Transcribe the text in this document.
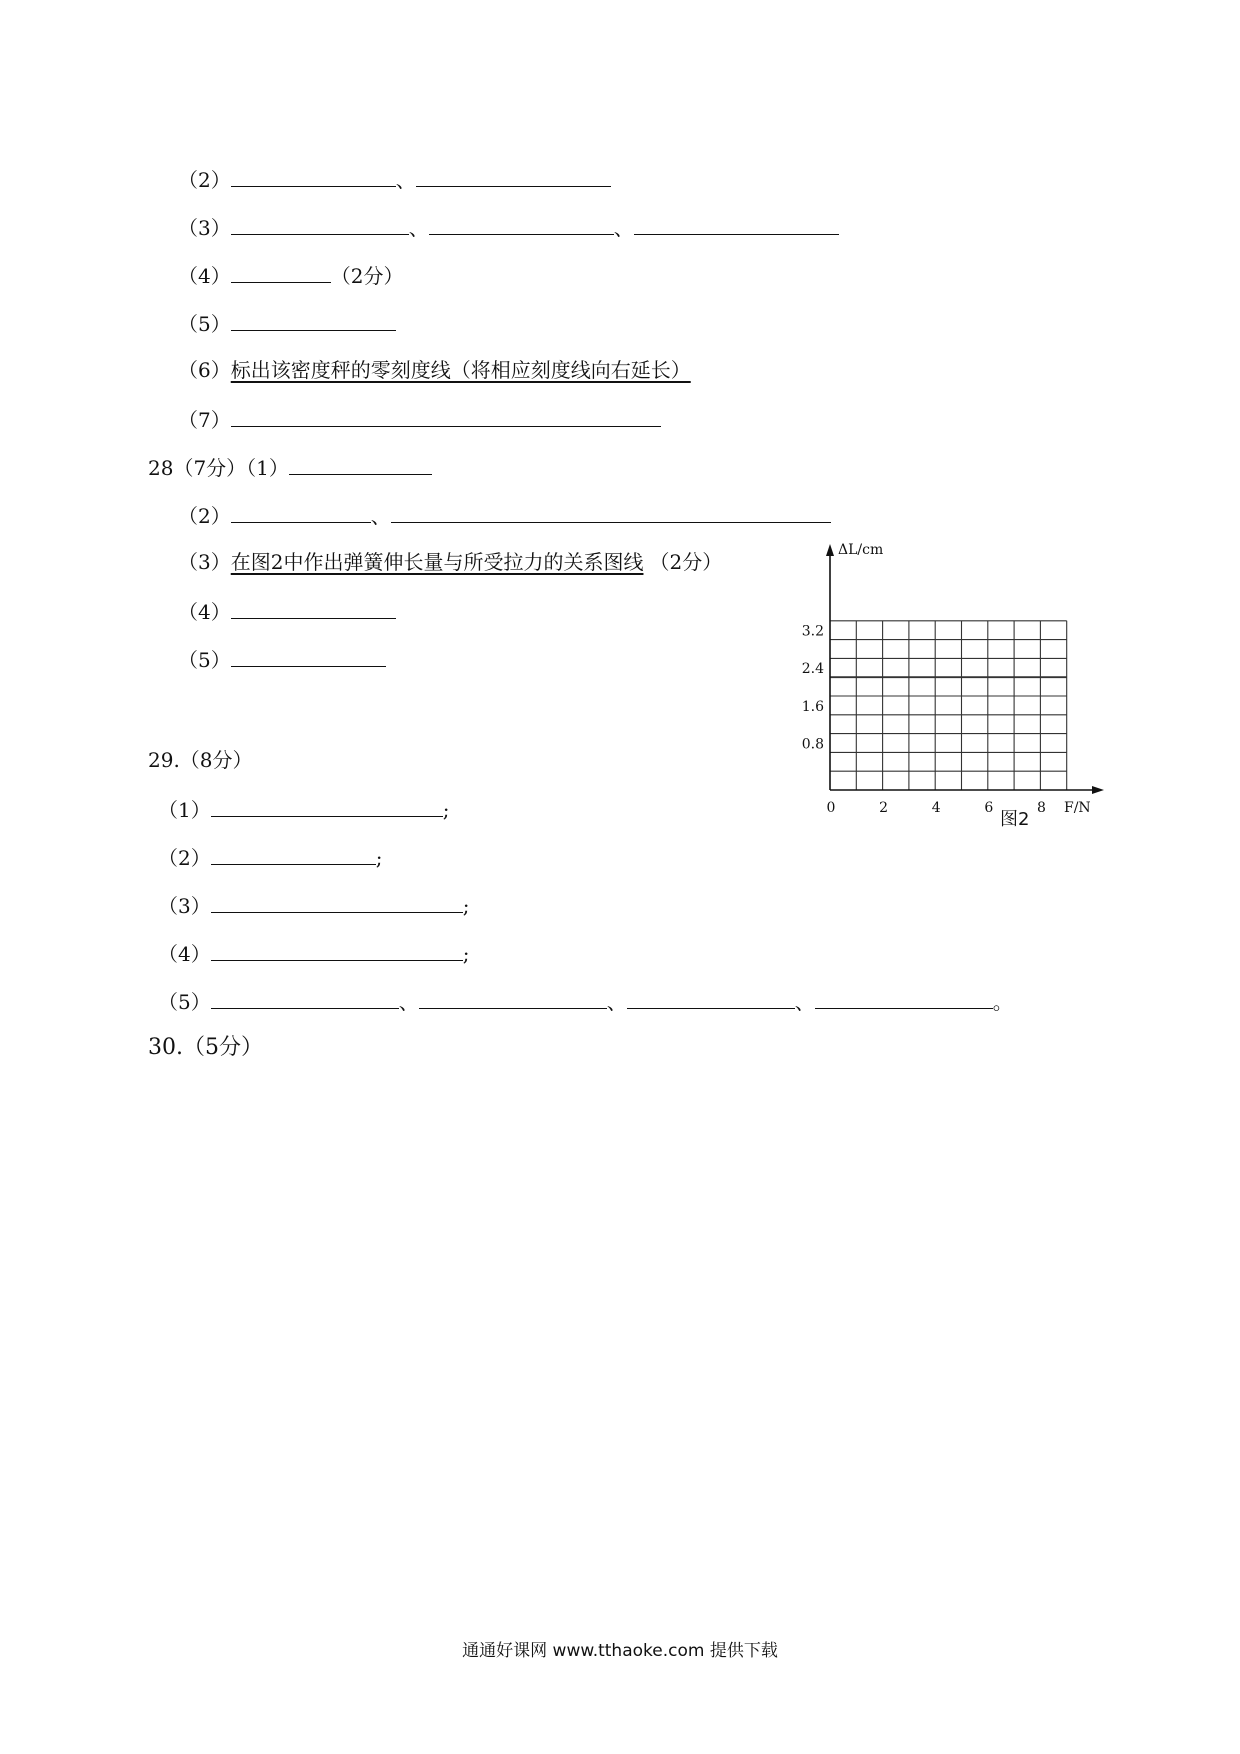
（2）	、
（3）	、	、
（4）	（2分）
（5）
（6）标出该密度秤的零刻度线（将相应刻度线向右延长）
（7）
28（7分）（1）
（2）	、
（3）在图2中作出弹簧伸长量与所受拉力的关系图线 （2分）
（4）
（5）
0.8
1.6
2.4
3.2
0	2	4	6	8
ΔL/cm
F/N
图2
29.（8分）
（1）	;
（2）	;
（3）	;
（4）	;
（5）	、	、	、	。
30.（5分）
通通好课网 www.tthaoke.com 提供下载
